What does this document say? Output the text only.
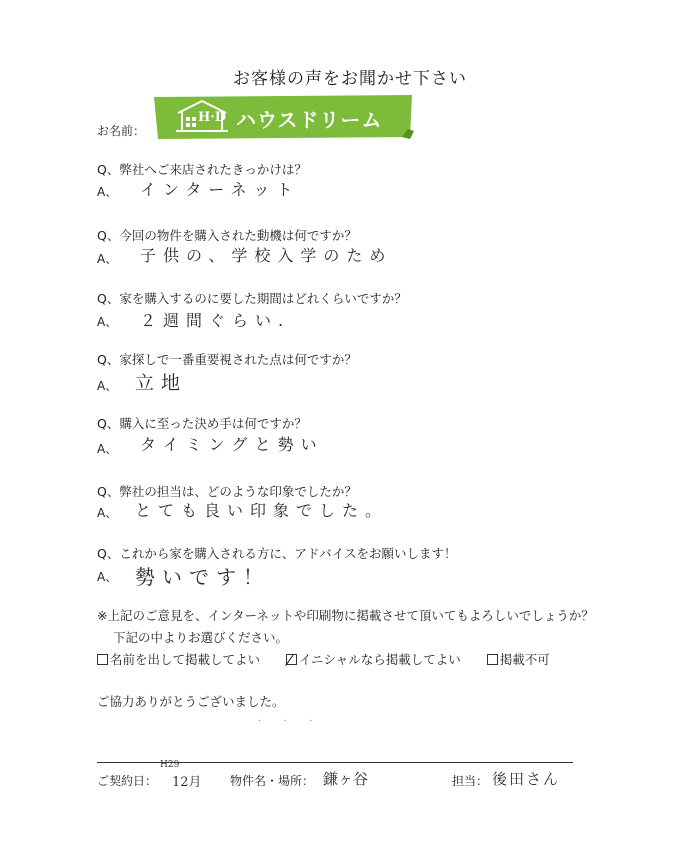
お客様の声をお聞かせ下さい
お名前：
H·D ハウスドリーム
Q、弊社へご来店されたきっかけは？
A、 インターネット
Q、今回の物件を購入された動機は何ですか？
A、 子供の、学校入学のため
Q、家を購入するのに要した期間はどれくらいですか？
A、 ２週間ぐらい.
Q、家探しで一番重要視された点は何ですか？
A、 立地
Q、購入に至った決め手は何ですか？
A、 タイミングと勢い
Q、弊社の担当は、どのような印象でしたか？
A、 とても良い印象でした。
Q、これから家を購入される方に、アドバイスをお願いします！
A、 勢いです！
※上記のご意見を、インターネットや印刷物に掲載させて頂いてもよろしいでしょうか？
下記の中よりお選びください。
名前を出して掲載してよい	イニシャルなら掲載してよい	掲載不可
ご協力ありがとうございました。
. . .
ご契約日：
H29
12月 物件名・場所： 鎌ヶ谷	担当： 後田さん
